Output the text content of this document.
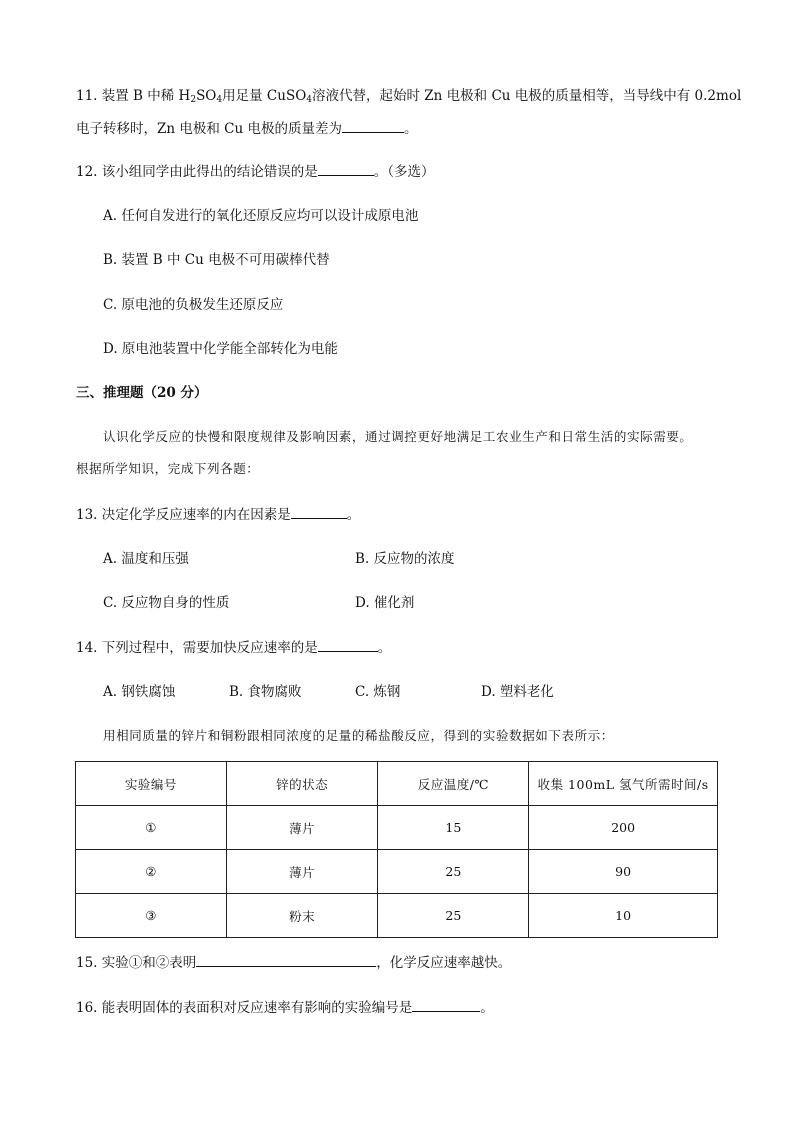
11. 装置 B 中稀 $H_2SO_4$用足量 CuSO$_4$溶液代替，起始时 Zn 电极和 Cu 电极的质量相等，当导线中有 0.2mol
电子转移时，Zn 电极和 Cu 电极的质量差为	。
12. 该小组同学由此得出的结论错误的是	。（多选）
A. 任何自发进行的氧化还原反应均可以设计成原电池
B. 装置 B 中 Cu 电极不可用碳棒代替
C. 原电池的负极发生还原反应
D. 原电池装置中化学能全部转化为电能
三、推理题（20 分）
认识化学反应的快慢和限度规律及影响因素，通过调控更好地满足工农业生产和日常生活的实际需要。
根据所学知识，完成下列各题：
13. 决定化学反应速率的内在因素是	。
A. 温度和压强	B. 反应物的浓度
C. 反应物自身的性质	D. 催化剂
14. 下列过程中，需要加快反应速率的是	。
A. 钢铁腐蚀	B. 食物腐败	C. 炼钢	D. 塑料老化
用相同质量的锌片和铜粉跟相同浓度的足量的稀盐酸反应，得到的实验数据如下表所示：
实验编号	锌的状态	反应温度/℃	收集 100mL 氢气所需时间/s
①	薄片	15	200
②	薄片	25	90
③	粉末	25	10
15. 实验①和②表明	，化学反应速率越快。
16. 能表明固体的表面积对反应速率有影响的实验编号是	。
